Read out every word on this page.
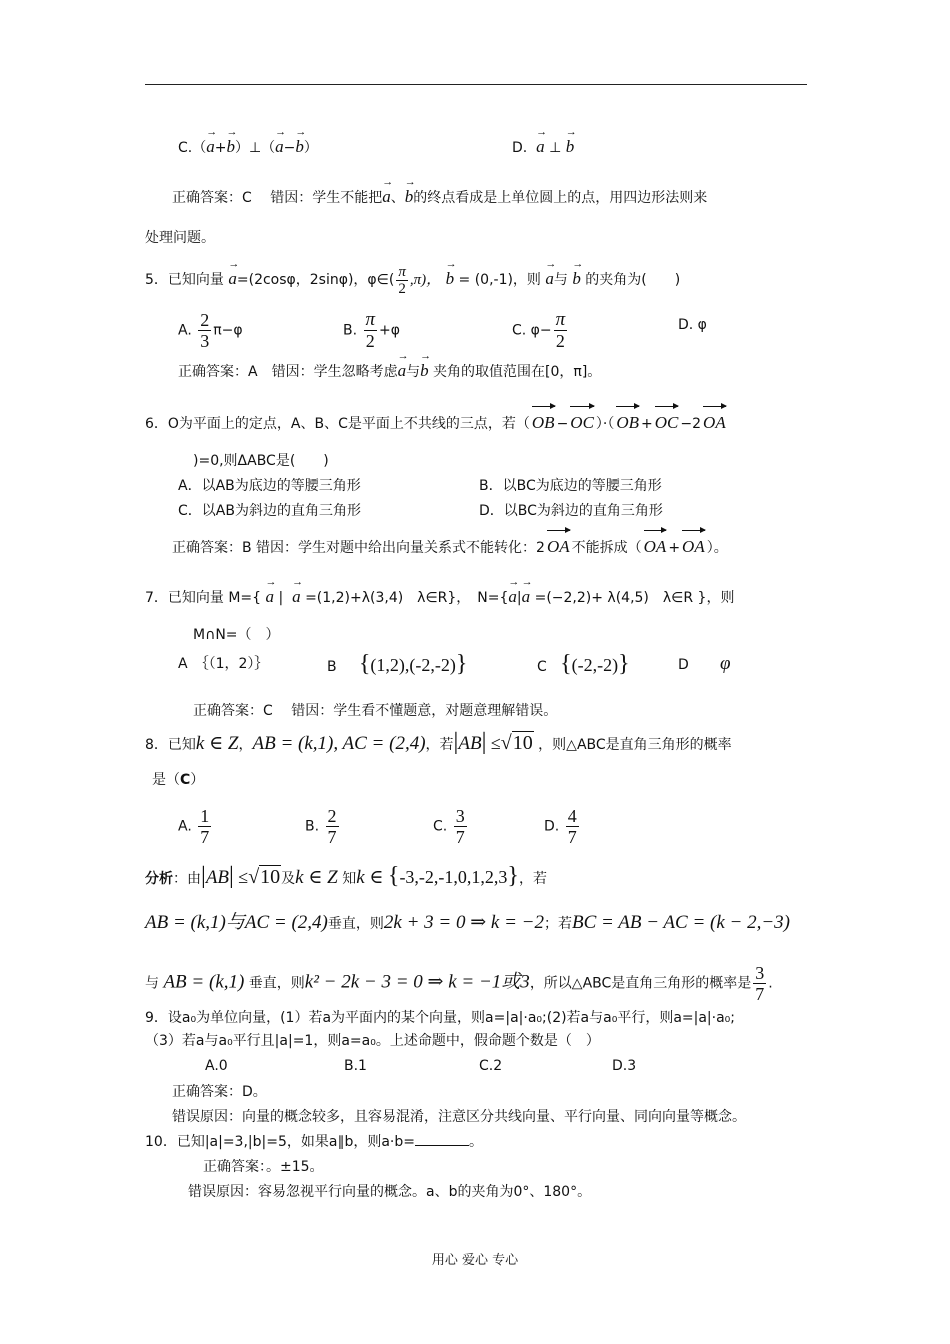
C.（
→
a+
→
b）⊥（
→
a−
→
b）	D.
→
a ⊥
→
b
正确答案：C　 错因：学生不能把
→
a、
→
b的终点看成是上单位圆上的点，用四边形法则来
处理问题。
5．已知向量
→
a=(2cosφ，2sinφ)，φ∈( $\frac{\pi}{2} ,\pi$)，
→
b = (0,-1)，则
→
a与
→
b 的夹角为(　　)
A. $\frac{2}{3} \pi-\varphi$	B. $\frac{\pi}{2} +\varphi$	C. $\varphi- \frac{\pi}{2}$	D. φ
正确答案：A　错因：学生忽略考虑
→
a与
→
b 夹角的取值范围在[0，π]。
6．O为平面上的定点，A、B、C是平面上不共线的三点，若（ OB − OC ）·（ OB + OC −2 OA
)=0,则ΔABC是(　　)
A．以AB为底边的等腰三角形	B．以BC为底边的等腰三角形
C．以AB为斜边的直角三角形	D．以BC为斜边的直角三角形
正确答案：B 错因：学生对题中给出向量关系式不能转化：2 OA 不能拆成（ OA + OA ）。
7．已知向量 M={
→
a |
→
a =(1,2)+λ(3,4)　λ∈R}，　N={
→
a|
→
a =(−2,2)+ λ(4,5)　λ∈R }，则
M∩N=（　）
A　｛（1，2）｝	B {(1,2),(-2,-2)}	C {(-2,-2)}	D φ
正确答案：C　 错因：学生看不懂题意，对题意理解错误。
8．已知k ∈ Z，AB = (k,1), AC = (2,4)，若|AB| ≤√10 ，则△ABC是直角三角形的概率
是（C）
A. $\frac{1}{7}$	B. $\frac{2}{7}$	C. $\frac{3}{7}$	D. $\frac{4}{7}$
分析：由|AB| ≤√10及k ∈ Z 知k ∈ {-3,-2,-1,0,1,2,3}，若
AB = (k,1)与AC = (2,4)垂直，则2k + 3 = 0 ⇒ k = −2；若BC = AB − AC = (k − 2,−3)
与 AB = (k,1) 垂直，则k² − 2k − 3 = 0 ⇒ k = −1或3，所以△ABC是直角三角形的概率是 $\frac{3}{7}$ .
9．设a₀为单位向量，(1）若a为平面内的某个向量，则a=|a|·a₀;(2)若a与a₀平行，则a=|a|·a₀;
（3）若a与a₀平行且|a|=1，则a=a₀。上述命题中，假命题个数是（　）
A.0	B.1	C.2	D.3
正确答案：D。
错误原因：向量的概念较多，且容易混淆，注意区分共线向量、平行向量、同向向量等概念。
10．已知|a|=3,|b|=5，如果a∥b，则a·b=	。
正确答案：。±15。
错误原因：容易忽视平行向量的概念。a、b的夹角为0°、180°。
用心 爱心 专心
